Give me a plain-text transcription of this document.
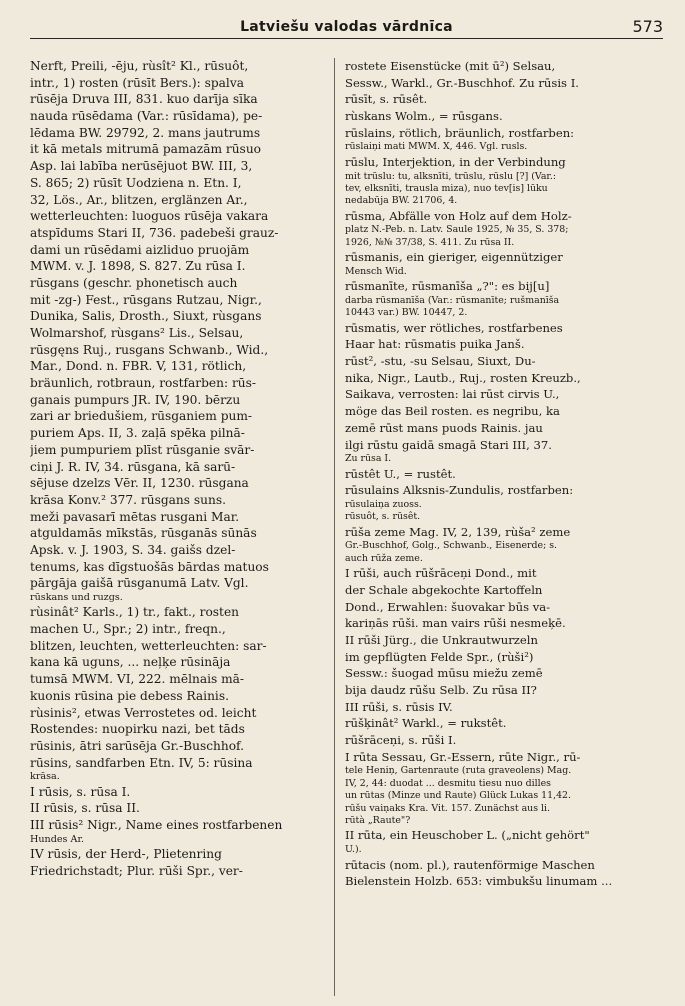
Latviešu valodas vārdnīca	573
Nerft, Preili, -ēju, rùsît² Kl., rūsuôt,
intr., 1) rosten (rūsīt Bers.): spalva
rūsēja Druva III, 831. kuo darīja sīka
nauda rūsēdama (Var.: rūsīdama), pe-
lēdama BW. 29792, 2. mans jautrums
it kā metals mitrumā pamazām rūsuo
Asp. lai labība nerūsējuot BW. III, 3,
S. 865; 2) rūsīt Uodziena n. Etn. I,
32, Lös., Ar., blitzen, erglänzen Ar.,
wetterleuchten: luoguos rūsēja vakara
atspīdums Stari II, 736. padebeši grauz-
dami un rūsēdami aizliduo pruojām
MWM. v. J. 1898, S. 827. Zu rūsa I.
rūsgans (geschr. phonetisch auch
mit -zg-) Fest., rūsgans Rutzau, Nigr.,
Dunika, Salis, Drosth., Siuxt, rùsgans
Wolmarshof, rùsgans² Lis., Selsau,
rūsgęns Ruj., rusgans Schwanb., Wid.,
Mar., Dond. n. FBR. V, 131, rötlich,
bräunlich, rotbraun, rostfarben: rūs-
ganais pumpurs JR. IV, 190. bērzu
zari ar briedušiem, rūsganiem pum-
puriem Aps. II, 3. zaļā spēka pilnā-
jiem pumpuriem plīst rūsganie svār-
ciņi J. R. IV, 34. rūsgana, kā sarū-
sējuse dzelzs Vēr. II, 1230. rūsgana
krāsa Konv.² 377. rūsgans suns.
meži pavasarī mētas rusgani Mar.
atguldamās mīkstās, rūsganās sūnās
Apsk. v. J. 1903, S. 34. gaišs dzel-
tenums, kas dīgstuošās bārdas matuos
pārgāja gaišā rūsganumā Latv. Vgl.
rūskans und ruzgs.
rùsinât² Karls., 1) tr., fakt., rosten
machen U., Spr.; 2) intr., freqn.,
blitzen, leuchten, wetterleuchten: sar-
kana kā uguns, ... neļķe rūsināja
tumsā MWM. VI, 222. mēlnais mā-
kuonis rūsina pie debess Rainis.
rùsinis², etwas Verrostetes od. leicht
Rostendes: nuopirku nazi, bet tāds
rūsinis, ātri sarūsēja Gr.-Buschhof.
rūsins, sandfarben Etn. IV, 5: rūsina
krāsa.
I rūsis, s. rūsa I.
II rūsis, s. rūsa II.
III rūsis² Nigr., Name eines rostfarbenen
Hundes Ar.
IV rūsis, der Herd-, Plietenring
Friedrichstadt; Plur. rūši Spr., ver-
rostete Eisenstücke (mit ū²) Selsau,
Sessw., Warkl., Gr.-Buschhof. Zu rūsis I.
rūsīt, s. rūsêt.
rùskans Wolm., = rūsgans.
rūslains, rötlich, bräunlich, rostfarben:
rūslaiņi mati MWM. X, 446. Vgl. rusls.
rūslu, Interjektion, in der Verbindung
mit trūslu: tu, alksnīti, trūslu, rūslu [?] (Var.:
tev, elksnīti, trausla miza), nuo tev[is] lūku
nedabūja BW. 21706, 4.
rūsma, Abfälle von Holz auf dem Holz-
platz N.-Peb. n. Latv. Saule 1925, № 35, S. 378;
1926, №№ 37/38, S. 411. Zu rūsa II.
rūsmanis, ein gieriger, eigennütziger
Mensch Wid.
rūsmanīte, rūsmanīša „?": es bij[u]
darba rūsmanīša (Var.: rūsmanīte; rušmanīša
10443 var.) BW. 10447, 2.
rūsmatis, wer rötliches, rostfarbenes
Haar hat: rūsmatis puika Janš.
rūst², -stu, -su Selsau, Siuxt, Du-
nika, Nigr., Lautb., Ruj., rosten Kreuzb.,
Saikava, verrosten: lai rūst cirvis U.,
möge das Beil rosten. es negribu, ka
zemē rūst mans puods Rainis. jau
ilgi rūstu gaidā smagā Stari III, 37.
Zu rūsa I.
rūstêt U., = rustêt.
rūsulains Alksnis-Zundulis, rostfarben:
rūsulaiņa zuoss.
rūsuôt, s. rūsêt.
rūša zeme Mag. IV, 2, 139, rùša² zeme
Gr.-Buschhof, Golg., Schwanb., Eisenerde; s.
auch rūža zeme.
I rūši, auch rūšrāceņi Dond., mit
der Schale abgekochte Kartoffeln
Dond., Erwahlen: šuovakar būs va-
kariņās rūši. man vairs rūši nesmeķē.
II rūši Jürg., die Unkrautwurzeln
im gepflügten Felde Spr., (rùši²)
Sessw.: šuogad mūsu miežu zemē
bija daudz rūšu Selb. Zu rūsa II?
III rūši, s. rūsis IV.
rūšķinât² Warkl., = rukstêt.
rūšrāceņi, s. rūši I.
I rūta Sessau, Gr.-Essern, rūte Nigr., rū-
tele Heniņ, Gartenraute (ruta graveolens) Mag.
IV, 2, 44: duodat ... desmitu tiesu nuo dilles
un rūtas (Minze und Raute) Glück Lukas 11,42.
rūšu vaiņaks Kra. Vit. 157. Zunächst aus li.
rūtà „Raute"?
II rūta, ein Heuschober L. („nicht gehört"
U.).
rūtacis (nom. pl.), rautenförmige Maschen
Bielenstein Holzb. 653: vimbukšu linumam ...
